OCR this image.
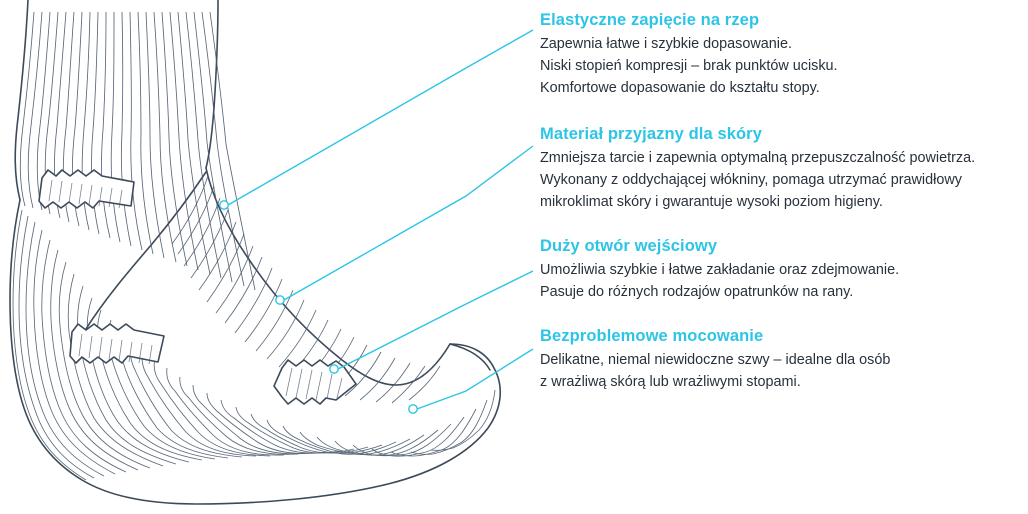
Elastyczne zapięcie na rzep

Zapewnia łatwe i szybkie dopasowanie.

Niski stopień kompresji – brak punktów ucisku.

Komfortowe dopasowanie do kształtu stopy.

Materiał przyjazny dla skóry

Zmniejsza tarcie i zapewnia optymalną przepuszczalność powietrza.

Wykonany z oddychającej włókniny, pomaga utrzymać prawidłowy

mikroklimat skóry i gwarantuje wysoki poziom higieny.

Duży otwór wejściowy

Umożliwia szybkie i łatwe zakładanie oraz zdejmowanie.

Pasuje do różnych rodzajów opatrunków na rany.

Bezproblemowe mocowanie

Delikatne, niemal niewidoczne szwy – idealne dla osób

z wrażliwą skórą lub wrażliwymi stopami.
